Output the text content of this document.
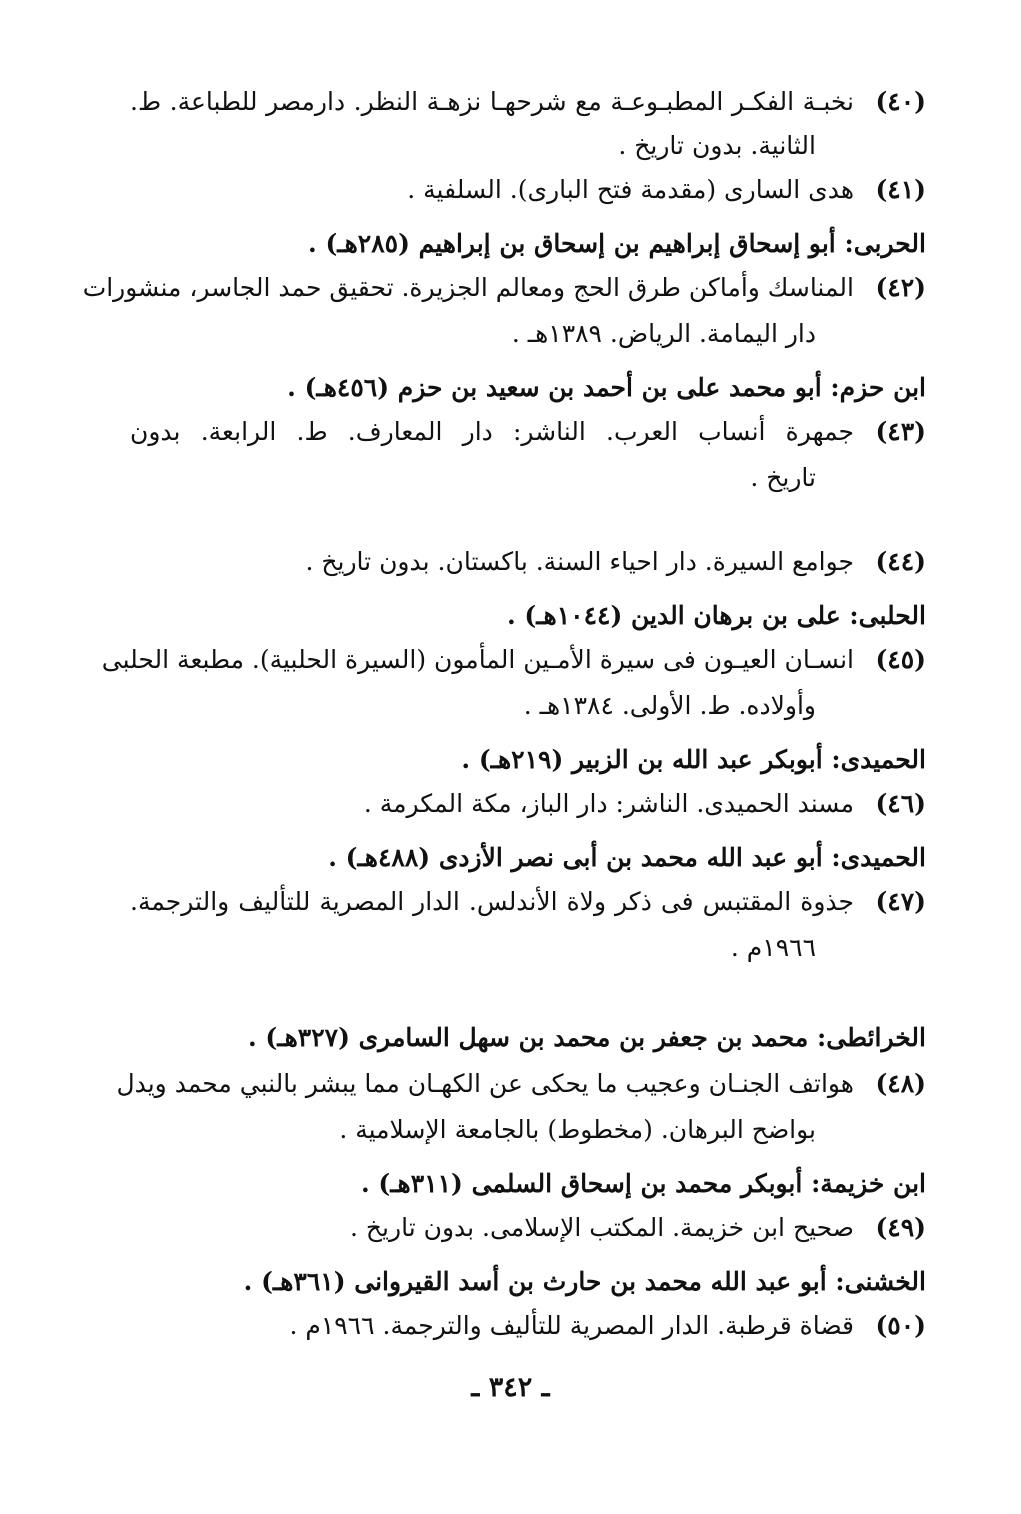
(٤٠)نخبـة الفكـر المطبـوعـة مع شرحهـا نزهـة النظر. دارمصر للطباعة. ط.
الثانية. بدون تاريخ .
(٤١)هدى السارى (مقدمة فتح البارى). السلفية .
الحربى: أبو إسحاق إبراهيم بن إسحاق بن إبراهيم (٢٨٥هـ) .
(٤٢)المناسك وأماكن طرق الحج ومعالم الجزيرة. تحقيق حمد الجاسر، منشورات
دار اليمامة. الرياض. ١٣٨٩هـ .
ابن حزم: أبو محمد على بن أحمد بن سعيد بن حزم (٤٥٦هـ) .
(٤٣)جمهرة أنساب العرب. الناشر: دار المعارف. ط. الرابعة. بدون
تاريخ .
(٤٤)جوامع السيرة. دار احياء السنة. باكستان. بدون تاريخ .
الحلبى: على بن برهان الدين (١٠٤٤هـ) .
(٤٥)انسـان العيـون فى سيرة الأمـين المأمون (السيرة الحلبية). مطبعة الحلبى
وأولاده. ط. الأولى. ١٣٨٤هـ .
الحميدى: أبوبكر عبد الله بن الزبير (٢١٩هـ) .
(٤٦)مسند الحميدى. الناشر: دار الباز، مكة المكرمة .
الحميدى: أبو عبد الله محمد بن أبى نصر الأزدى (٤٨٨هـ) .
(٤٧)جذوة المقتبس فى ذكر ولاة الأندلس. الدار المصرية للتأليف والترجمة.
١٩٦٦م .
الخرائطى: محمد بن جعفر بن محمد بن سهل السامرى (٣٢٧هـ) .
(٤٨)هواتف الجنـان وعجيب ما يحكى عن الكهـان مما يبشر بالنبي محمد ويدل
بواضح البرهان. (مخطوط) بالجامعة الإسلامية .
ابن خزيمة: أبوبكر محمد بن إسحاق السلمى (٣١١هـ) .
(٤٩)صحيح ابن خزيمة. المكتب الإسلامى. بدون تاريخ .
الخشنى: أبو عبد الله محمد بن حارث بن أسد القيروانى (٣٦١هـ) .
(٥٠)قضاة قرطبة. الدار المصرية للتأليف والترجمة. ١٩٦٦م .
ـ ٣٤٢ ـ
